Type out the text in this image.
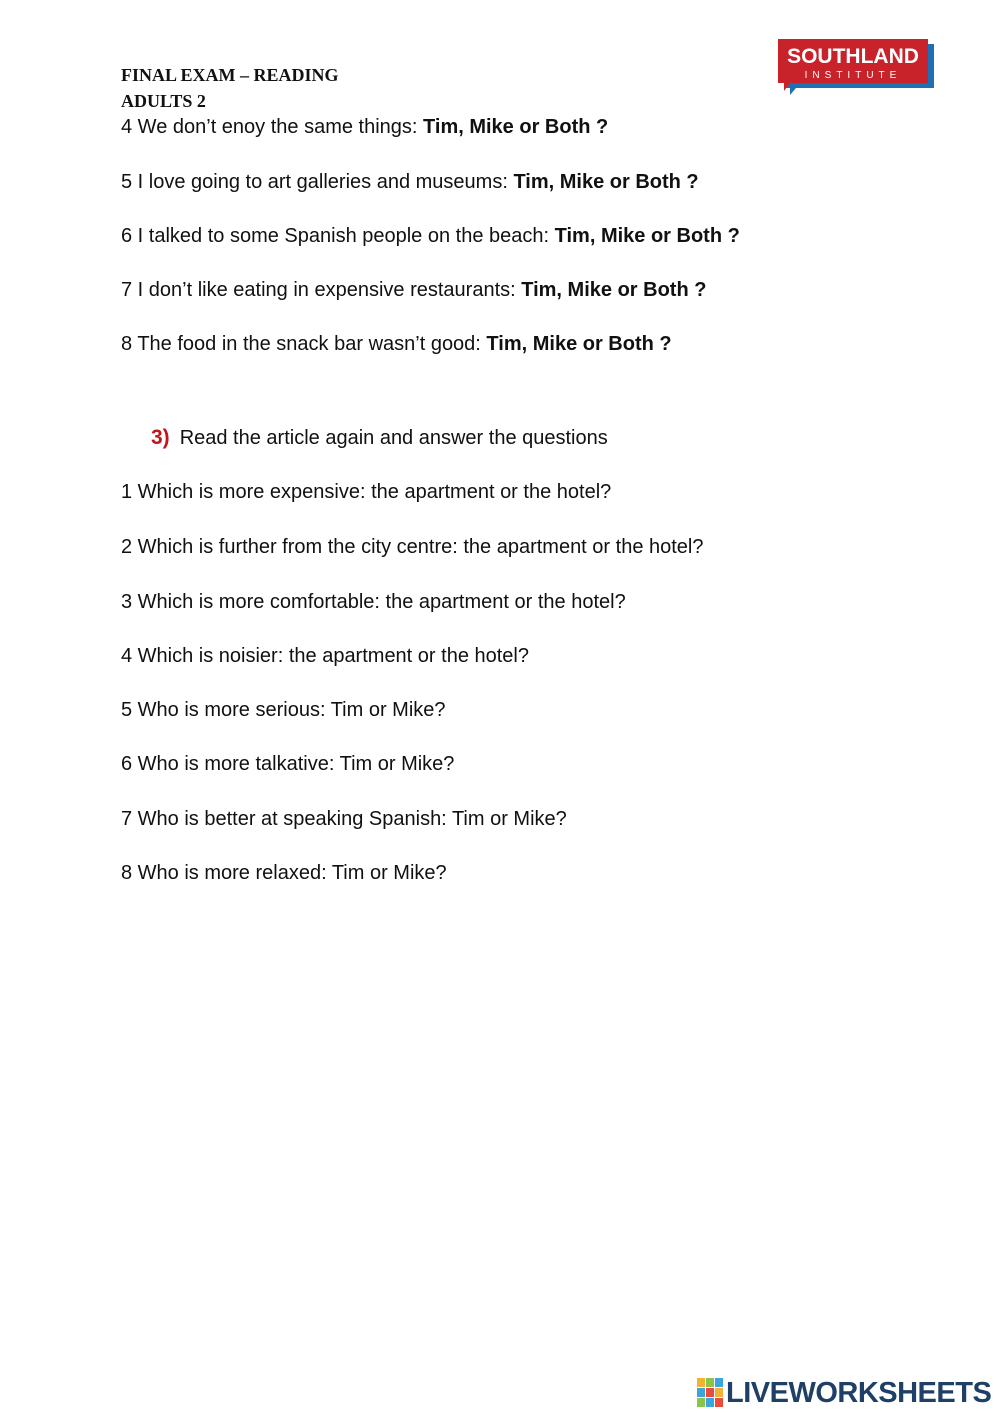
FINAL EXAM – READING
ADULTS 2
SOUTHLAND
INSTITUTE
4 We don’t enoy the same things: Tim, Mike or Both ?
5 I love going to art galleries and museums: Tim, Mike or Both ?
6 I talked to some Spanish people on the beach: Tim, Mike or Both ?
7 I don’t like eating in expensive restaurants: Tim, Mike or Both ?
8 The food in the snack bar wasn’t good: Tim, Mike or Both ?
3) Read the article again and answer the questions
1 Which is more expensive: the apartment or the hotel?
2 Which is further from the city centre: the apartment or the hotel?
3 Which is more comfortable: the apartment or the hotel?
4 Which is noisier: the apartment or the hotel?
5 Who is more serious: Tim or Mike?
6 Who is more talkative: Tim or Mike?
7 Who is better at speaking Spanish: Tim or Mike?
8 Who is more relaxed: Tim or Mike?
LIVEWORKSHEETS
